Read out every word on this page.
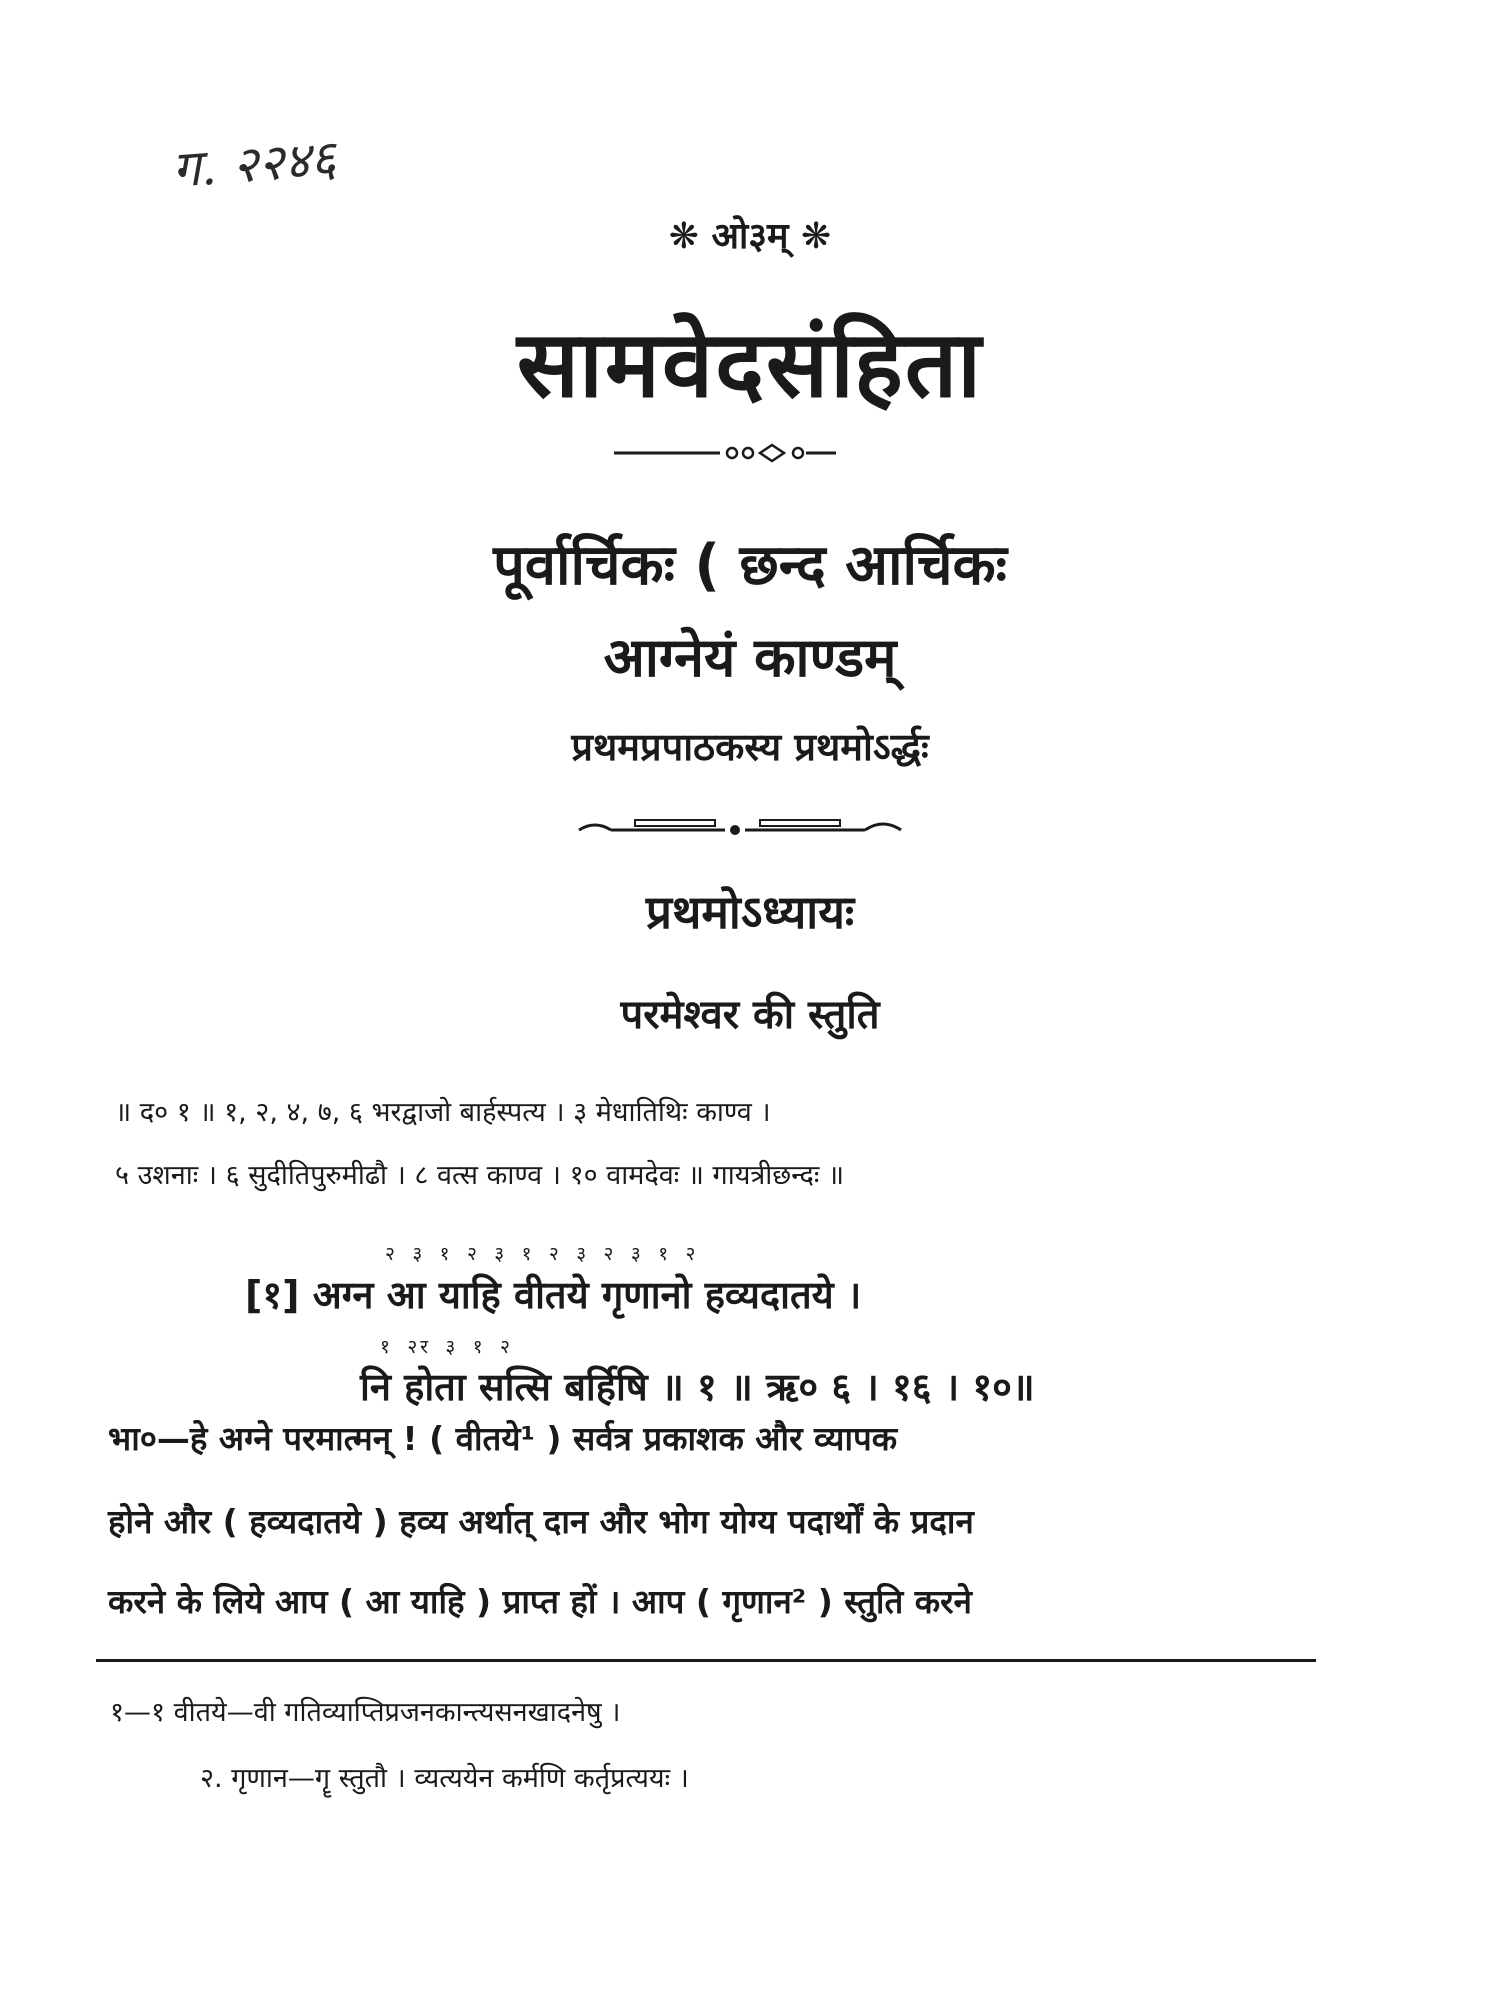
ग. २२४६
❋ ओ३म् ❋
सामवेदसंहिता
पूर्वार्चिकः ( छन्द आर्चिकः
आग्नेयं काण्डम्
प्रथमप्रपाठकस्य प्रथमोऽर्द्धः
प्रथमोऽध्यायः
परमेश्वर की स्तुति
॥ द० १ ॥ १, २, ४, ७, ६ भरद्वाजो बार्हस्पत्य । ३ मेधातिथिः काण्व ।
५ उशनाः । ६ सुदीतिपुरुमीढौ । ८ वत्स काण्व । १० वामदेवः ॥ गायत्रीछन्दः ॥
२ ३ १ २ ३ १ २ ३ २ ३ १ २
[१] अग्न आ याहि वीतये गृणानो हव्यदातये ।
१ २र ३ १ २
नि होता सत्सि बर्हिषि ॥ १ ॥ ऋ० ६ । १६ । १०॥
भा०—हे अग्ने परमात्मन् ! ( वीतये¹ ) सर्वत्र प्रकाशक और व्यापक
होने और ( हव्यदातये ) हव्य अर्थात् दान और भोग योग्य पदार्थों के प्रदान
करने के लिये आप ( आ याहि ) प्राप्त हों । आप ( गृणान² ) स्तुति करने
१—१ वीतये—वी गतिव्याप्तिप्रजनकान्त्यसनखादनेषु ।
२. गृणान—गॄ स्तुतौ । व्यत्ययेन कर्मणि कर्तृप्रत्ययः ।
